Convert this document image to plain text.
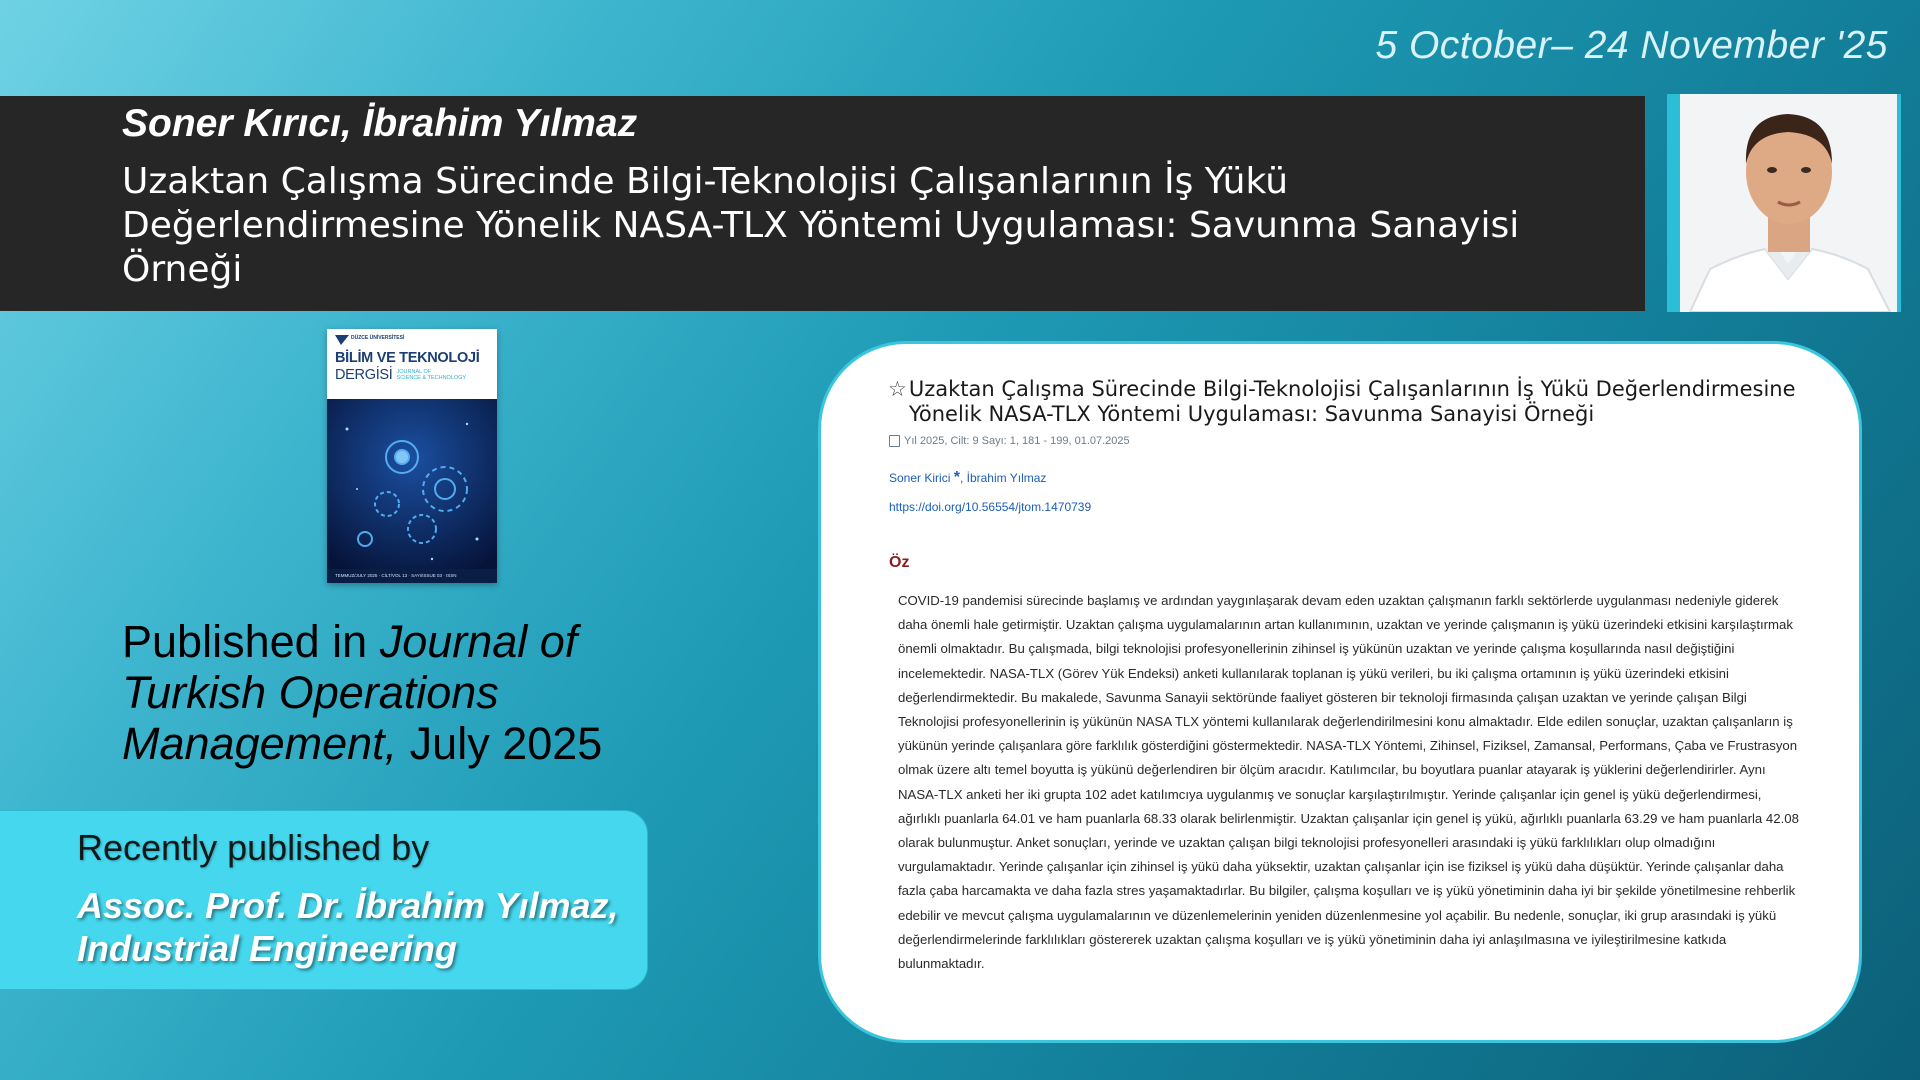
5 October– 24 November '25
Soner Kırıcı, İbrahim Yılmaz
Uzaktan Çalışma Sürecinde Bilgi-Teknolojisi Çalışanlarının İş Yükü Değerlendirmesine Yönelik NASA-TLX Yöntemi Uygulaması: Savunma Sanayisi Örneği
DÜZCE ÜNİVERSİTESİ
BİLİM VE TEKNOLOJİ
DERGİSİ JOURNAL OF
SCIENCE & TECHNOLOGY
TEMMUZ/JULY 2025 · CİLT/VOL 13 · SAYI/ISSUE 03 · ISSN
Published in Journal of Turkish Operations Management, July 2025
Recently published by
Assoc. Prof. Dr. İbrahim Yılmaz,
Industrial Engineering
☆ Uzaktan Çalışma Sürecinde Bilgi-Teknolojisi Çalışanlarının İş Yükü Değerlendirmesine Yönelik NASA-TLX Yöntemi Uygulaması: Savunma Sanayisi Örneği
Yıl 2025, Cilt: 9 Sayı: 1, 181 - 199, 01.07.2025
Soner Kirici *, İbrahim Yılmaz
https://doi.org/10.56554/jtom.1470739
Öz
COVID-19 pandemisi sürecinde başlamış ve ardından yaygınlaşarak devam eden uzaktan çalışmanın farklı sektörlerde uygulanması nedeniyle giderek daha önemli hale getirmiştir. Uzaktan çalışma uygulamalarının artan kullanımının, uzaktan ve yerinde çalışmanın iş yükü üzerindeki etkisini karşılaştırmak önemli olmaktadır. Bu çalışmada, bilgi teknolojisi profesyonellerinin zihinsel iş yükünün uzaktan ve yerinde çalışma koşullarında nasıl değiştiğini incelemektedir. NASA-TLX (Görev Yük Endeksi) anketi kullanılarak toplanan iş yükü verileri, bu iki çalışma ortamının iş yükü üzerindeki etkisini değerlendirmektedir. Bu makalede, Savunma Sanayii sektöründe faaliyet gösteren bir teknoloji firmasında çalışan uzaktan ve yerinde çalışan Bilgi Teknolojisi profesyonellerinin iş yükünün NASA TLX yöntemi kullanılarak değerlendirilmesini konu almaktadır. Elde edilen sonuçlar, uzaktan çalışanların iş yükünün yerinde çalışanlara göre farklılık gösterdiğini göstermektedir. NASA-TLX Yöntemi, Zihinsel, Fiziksel, Zamansal, Performans, Çaba ve Frustrasyon olmak üzere altı temel boyutta iş yükünü değerlendiren bir ölçüm aracıdır. Katılımcılar, bu boyutlara puanlar atayarak iş yüklerini değerlendirirler. Aynı NASA-TLX anketi her iki grupta 102 adet katılımcıya uygulanmış ve sonuçlar karşılaştırılmıştır. Yerinde çalışanlar için genel iş yükü değerlendirmesi, ağırlıklı puanlarla 64.01 ve ham puanlarla 68.33 olarak belirlenmiştir. Uzaktan çalışanlar için genel iş yükü, ağırlıklı puanlarla 63.29 ve ham puanlarla 42.08 olarak bulunmuştur. Anket sonuçları, yerinde ve uzaktan çalışan bilgi teknolojisi profesyonelleri arasındaki iş yükü farklılıkları olup olmadığını vurgulamaktadır. Yerinde çalışanlar için zihinsel iş yükü daha yüksektir, uzaktan çalışanlar için ise fiziksel iş yükü daha düşüktür. Yerinde çalışanlar daha fazla çaba harcamakta ve daha fazla stres yaşamaktadırlar. Bu bilgiler, çalışma koşulları ve iş yükü yönetiminin daha iyi bir şekilde yönetilmesine rehberlik edebilir ve mevcut çalışma uygulamalarının ve düzenlemelerinin yeniden düzenlenmesine yol açabilir. Bu nedenle, sonuçlar, iki grup arasındaki iş yükü değerlendirmelerinde farklılıkları göstererek uzaktan çalışma koşulları ve iş yükü yönetiminin daha iyi anlaşılmasına ve iyileştirilmesine katkıda bulunmaktadır.
